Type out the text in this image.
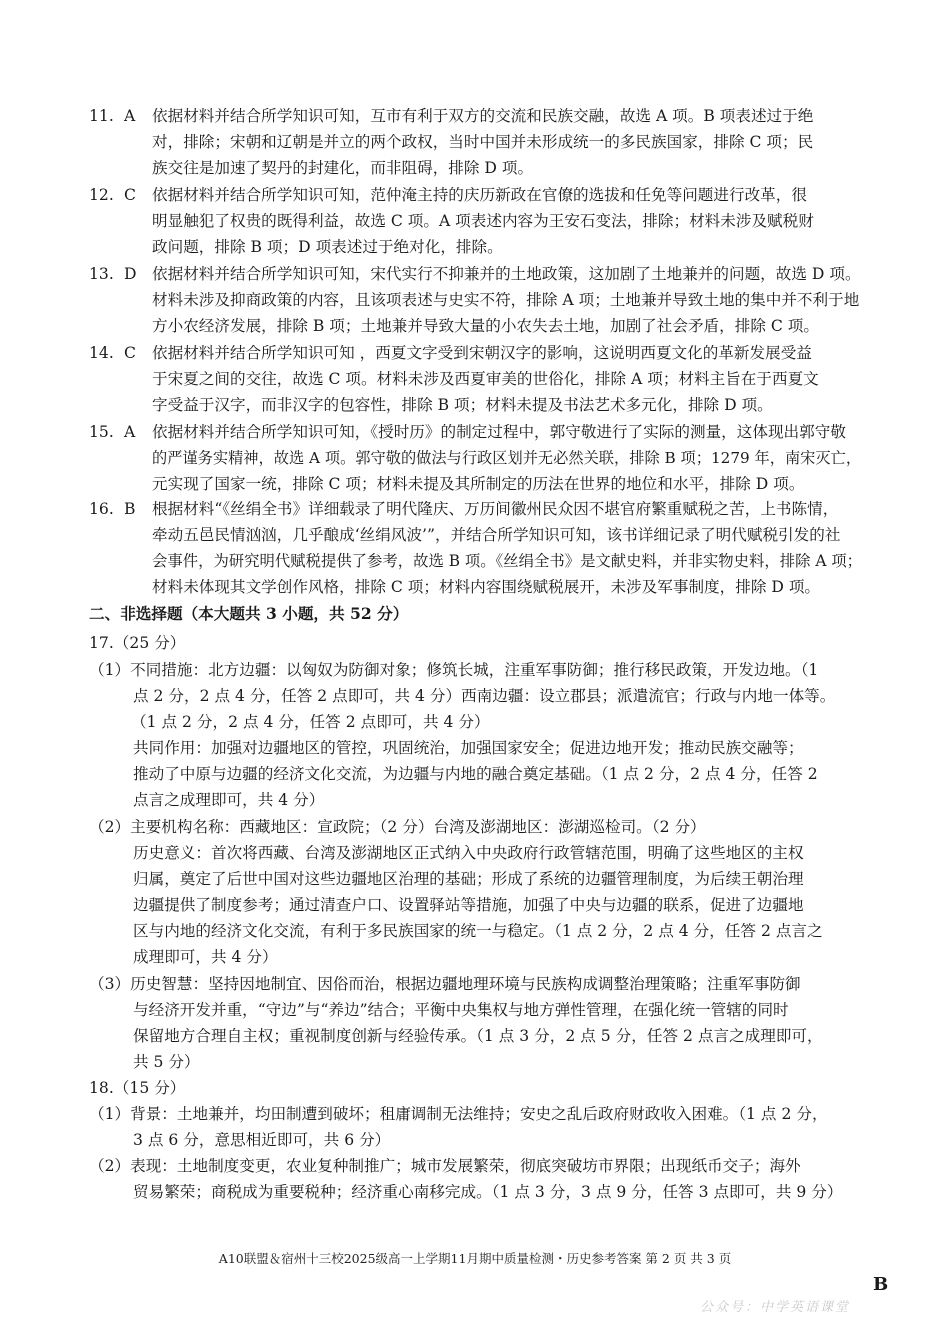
11. A 依据材料并结合所学知识可知，互市有利于双方的交流和民族交融，故选 A 项。B 项表述过于绝
对，排除；宋朝和辽朝是并立的两个政权，当时中国并未形成统一的多民族国家，排除 C 项；民
族交往是加速了契丹的封建化，而非阻碍，排除 D 项。
12. C 依据材料并结合所学知识可知，范仲淹主持的庆历新政在官僚的选拔和任免等问题进行改革，很
明显触犯了权贵的既得利益，故选 C 项。A 项表述内容为王安石变法，排除；材料未涉及赋税财
政问题，排除 B 项；D 项表述过于绝对化，排除。
13. D 依据材料并结合所学知识可知，宋代实行不抑兼并的土地政策，这加剧了土地兼并的问题，故选 D 项。
材料未涉及抑商政策的内容，且该项表述与史实不符，排除 A 项；土地兼并导致土地的集中并不利于地
方小农经济发展，排除 B 项；土地兼并导致大量的小农失去土地，加剧了社会矛盾，排除 C 项。
14. C 依据材料并结合所学知识可知 ，西夏文字受到宋朝汉字的影响，这说明西夏文化的革新发展受益
于宋夏之间的交往，故选 C 项。材料未涉及西夏审美的世俗化，排除 A 项；材料主旨在于西夏文
字受益于汉字，而非汉字的包容性，排除 B 项；材料未提及书法艺术多元化，排除 D 项。
15. A 依据材料并结合所学知识可知，《授时历》的制定过程中，郭守敬进行了实际的测量，这体现出郭守敬
的严谨务实精神，故选 A 项。郭守敬的做法与行政区划并无必然关联，排除 B 项；1279 年，南宋灭亡，
元实现了国家一统，排除 C 项；材料未提及其所制定的历法在世界的地位和水平，排除 D 项。
16. B 根据材料“《丝绢全书》详细载录了明代隆庆、万历间徽州民众因不堪官府繁重赋税之苦，上书陈情，
牵动五邑民情汹汹，几乎酿成‘丝绢风波’”，并结合所学知识可知，该书详细记录了明代赋税引发的社
会事件，为研究明代赋税提供了参考，故选 B 项。《丝绢全书》是文献史料，并非实物史料，排除 A 项；
材料未体现其文学创作风格，排除 C 项；材料内容围绕赋税展开，未涉及军事制度，排除 D 项。
二、非选择题（本大题共 3 小题，共 52 分）
17.（25 分）
（1）不同措施：北方边疆：以匈奴为防御对象；修筑长城，注重军事防御；推行移民政策，开发边地。（1
点 2 分，2 点 4 分，任答 2 点即可，共 4 分）西南边疆：设立郡县；派遣流官；行政与内地一体等。
（1 点 2 分，2 点 4 分，任答 2 点即可，共 4 分）
共同作用：加强对边疆地区的管控，巩固统治，加强国家安全；促进边地开发；推动民族交融等；
推动了中原与边疆的经济文化交流，为边疆与内地的融合奠定基础。（1 点 2 分，2 点 4 分，任答 2
点言之成理即可，共 4 分）
（2）主要机构名称：西藏地区：宣政院；（2 分）台湾及澎湖地区：澎湖巡检司。（2 分）
历史意义：首次将西藏、台湾及澎湖地区正式纳入中央政府行政管辖范围，明确了这些地区的主权
归属，奠定了后世中国对这些边疆地区治理的基础；形成了系统的边疆管理制度，为后续王朝治理
边疆提供了制度参考；通过清查户口、设置驿站等措施，加强了中央与边疆的联系，促进了边疆地
区与内地的经济文化交流，有利于多民族国家的统一与稳定。（1 点 2 分，2 点 4 分，任答 2 点言之
成理即可，共 4 分）
（3）历史智慧：坚持因地制宜、因俗而治，根据边疆地理环境与民族构成调整治理策略；注重军事防御
与经济开发并重，“守边”与“养边”结合；平衡中央集权与地方弹性管理，在强化统一管辖的同时
保留地方合理自主权；重视制度创新与经验传承。（1 点 3 分，2 点 5 分，任答 2 点言之成理即可，
共 5 分）
18.（15 分）
（1）背景：土地兼并，均田制遭到破坏；租庸调制无法维持；安史之乱后政府财政收入困难。（1 点 2 分，
3 点 6 分，意思相近即可，共 6 分）
（2）表现：土地制度变更，农业复种制推广；城市发展繁荣，彻底突破坊市界限；出现纸币交子；海外
贸易繁荣；商税成为重要税种；经济重心南移完成。（1 点 3 分，3 点 9 分，任答 3 点即可，共 9 分）
A10联盟＆宿州十三校2025级高一上学期11月期中质量检测・历史参考答案 第 2 页 共 3 页
B
公众号：中学英语课堂
